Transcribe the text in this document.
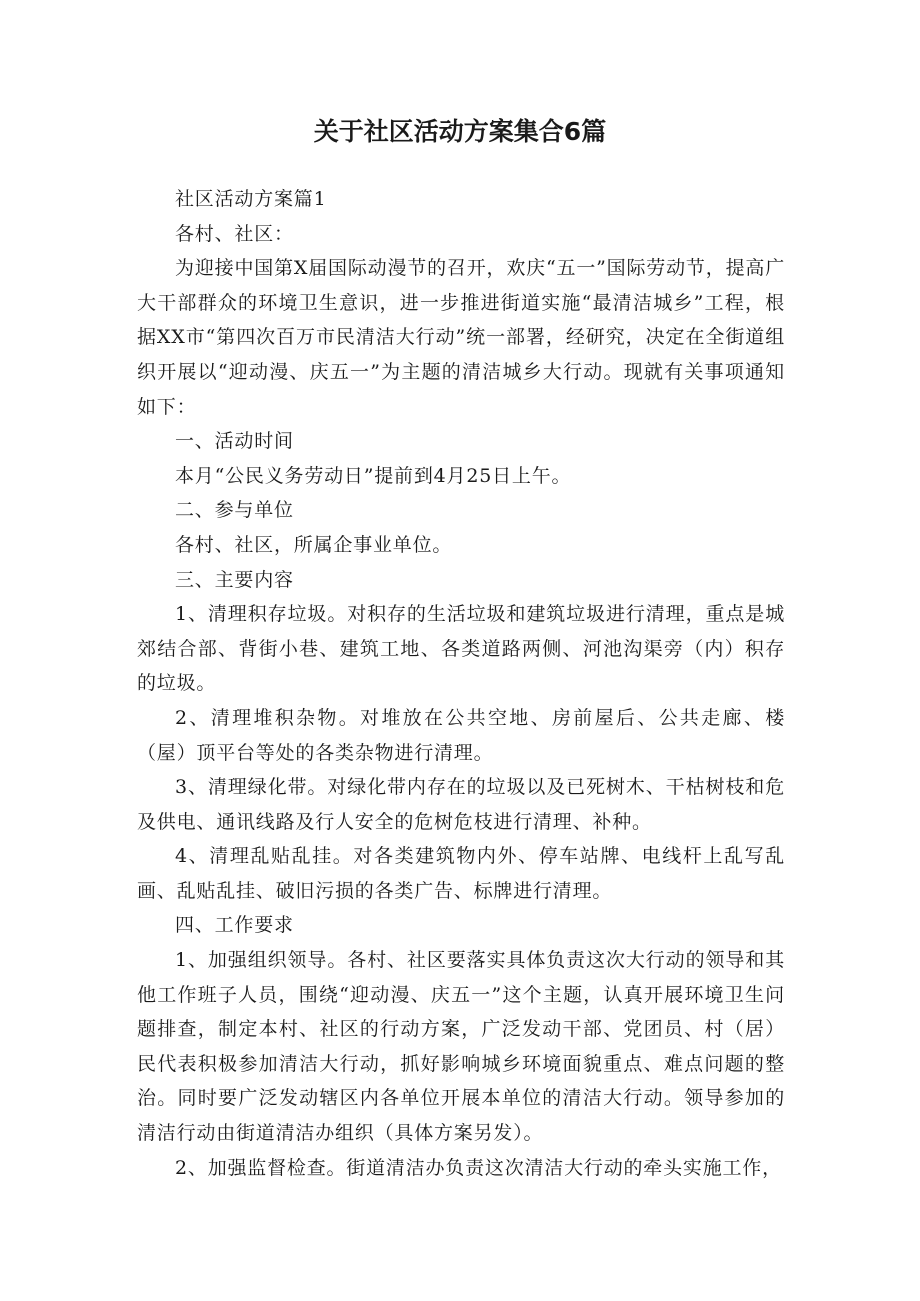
关于社区活动方案集合6篇

社区活动方案篇1

各村、社区：

为迎接中国第X届国际动漫节的召开，欢庆“五一”国际劳动节，提高广大干部群众的环境卫生意识，进一步推进街道实施“最清洁城乡”工程，根据XX市“第四次百万市民清洁大行动”统一部署，经研究，决定在全街道组织开展以“迎动漫、庆五一”为主题的清洁城乡大行动。现就有关事项通知如下：

一、活动时间

本月“公民义务劳动日”提前到4月25日上午。

二、参与单位

各村、社区，所属企事业单位。

三、主要内容

1、清理积存垃圾。对积存的生活垃圾和建筑垃圾进行清理，重点是城郊结合部、背街小巷、建筑工地、各类道路两侧、河池沟渠旁（内）积存的垃圾。

2、清理堆积杂物。对堆放在公共空地、房前屋后、公共走廊、楼（屋）顶平台等处的各类杂物进行清理。

3、清理绿化带。对绿化带内存在的垃圾以及已死树木、干枯树枝和危及供电、通讯线路及行人安全的危树危枝进行清理、补种。

4、清理乱贴乱挂。对各类建筑物内外、停车站牌、电线杆上乱写乱画、乱贴乱挂、破旧污损的各类广告、标牌进行清理。

四、工作要求

1、加强组织领导。各村、社区要落实具体负责这次大行动的领导和其他工作班子人员，围绕“迎动漫、庆五一”这个主题，认真开展环境卫生问题排查，制定本村、社区的行动方案，广泛发动干部、党团员、村（居）民代表积极参加清洁大行动，抓好影响城乡环境面貌重点、难点问题的整治。同时要广泛发动辖区内各单位开展本单位的清洁大行动。领导参加的清洁行动由街道清洁办组织（具体方案另发）。

2、加强监督检查。街道清洁办负责这次清洁大行动的牵头实施工作，
